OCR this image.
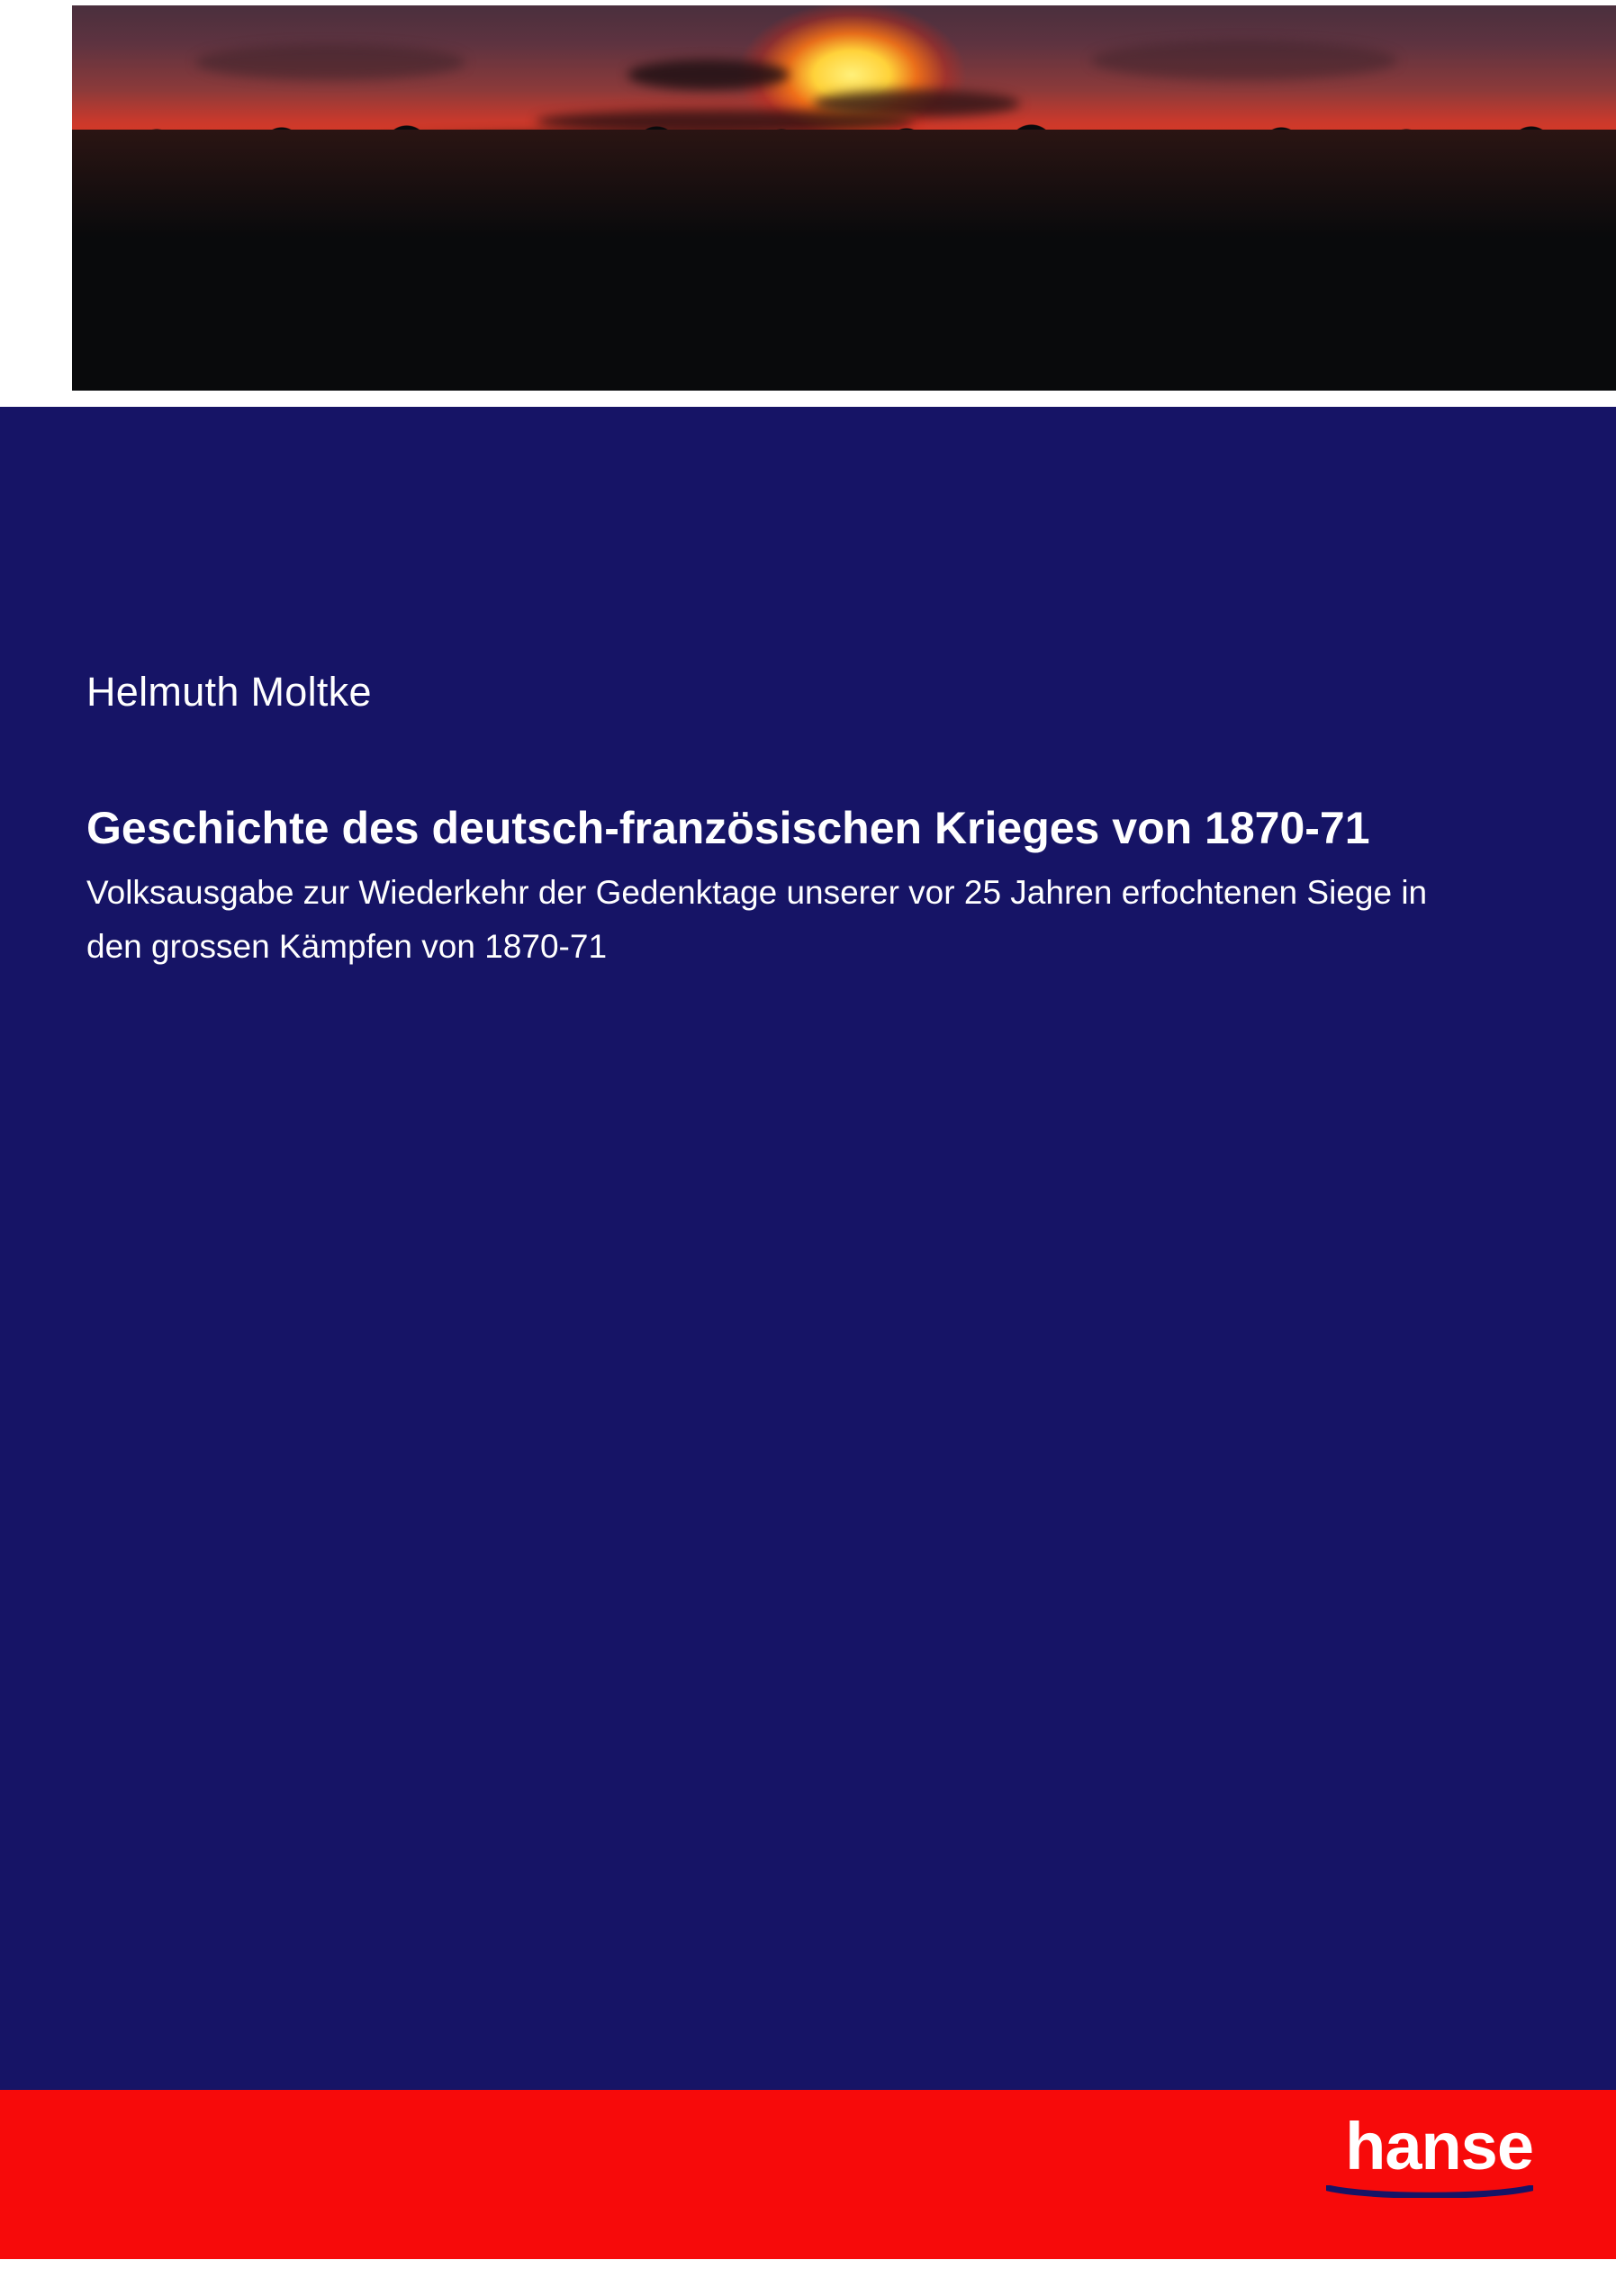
Helmuth Moltke

Geschichte des deutsch-französischen Krieges von 1870-71

Volksausgabe zur Wiederkehr der Gedenktage unserer vor 25 Jahren erfochtenen Siege in den grossen Kämpfen von 1870-71

hanse
